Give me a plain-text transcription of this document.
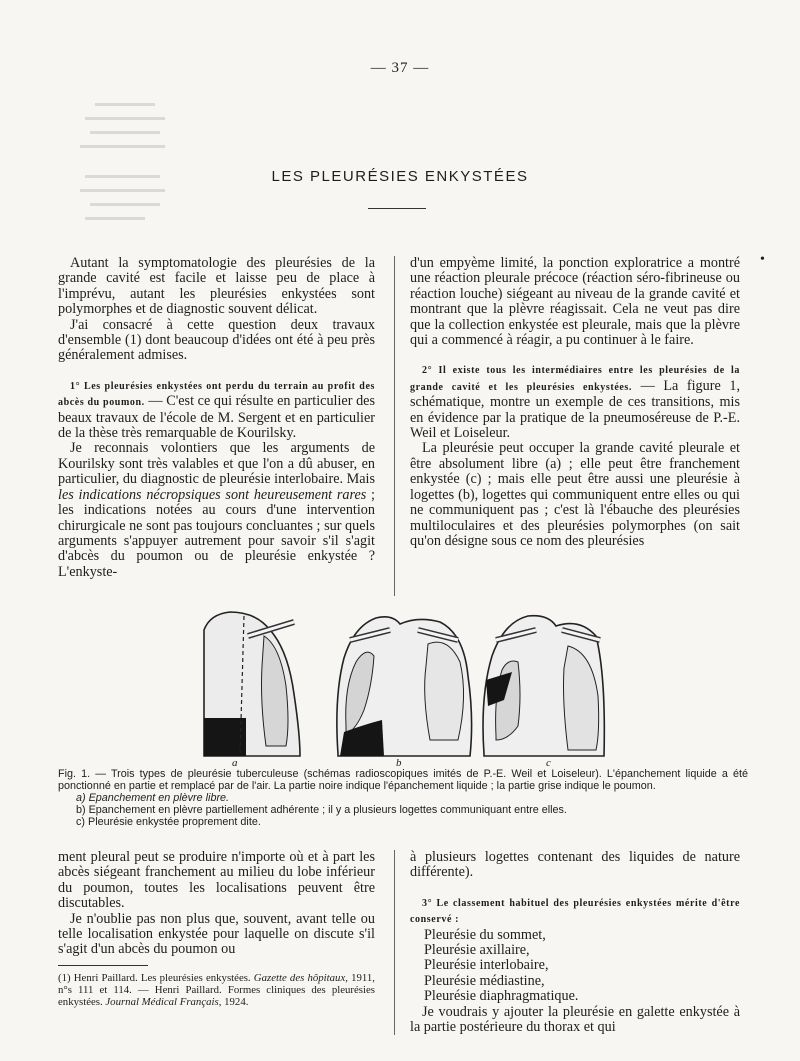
— 37 —
LES PLEURÉSIES ENKYSTÉES
•

Autant la symptomatologie des pleurésies de la grande cavité est facile et laisse peu de place à l'imprévu, autant les pleurésies enkystées sont polymorphes et de diagnostic souvent délicat.

J'ai consacré à cette question deux travaux d'ensemble (1) dont beaucoup d'idées ont été à peu près généralement admises.

1° Les pleurésies enkystées ont perdu du terrain au profit des abcès du poumon. — C'est ce qui résulte en particulier des beaux travaux de l'école de M. Sergent et en particulier de la thèse très remarquable de Kourilsky.

Je reconnais volontiers que les arguments de Kourilsky sont très valables et que l'on a dû abuser, en particulier, du diagnostic de pleurésie interlobaire. Mais les indications nécropsiques sont heureusement rares ; les indications notées au cours d'une intervention chirurgicale ne sont pas toujours concluantes ; sur quels arguments s'appuyer autrement pour savoir s'il s'agit d'abcès du poumon ou de pleurésie enkystée ? L'enkyste-

d'un empyème limité, la ponction exploratrice a montré une réaction pleurale précoce (réaction séro-fibrineuse ou réaction louche) siégeant au niveau de la grande cavité et montrant que la plèvre réagissait. Cela ne veut pas dire que la collection enkystée est pleurale, mais que la plèvre qui a commencé à réagir, a pu continuer à le faire.

2° Il existe tous les intermédiaires entre les pleurésies de la grande cavité et les pleurésies enkystées. — La figure 1, schématique, montre un exemple de ces transitions, mis en évidence par la pratique de la pneumoséreuse de P.-E. Weil et Loiseleur.

La pleurésie peut occuper la grande cavité pleurale et être absolument libre (a) ; elle peut être franchement enkystée (c) ; mais elle peut être aussi une pleurésie à logettes (b), logettes qui communiquent entre elles ou qui ne communiquent pas ; c'est là l'ébauche des pleurésies multiloculaires et des pleurésies polymorphes (on sait qu'on désigne sous ce nom des pleurésies

a	b	c
Fig. 1. — Trois types de pleurésie tuberculeuse (schémas radioscopiques imités de P.-E. Weil et Loiseleur). L'épanchement liquide a été ponctionné en partie et remplacé par de l'air. La partie noire indique l'épanchement liquide ; la partie grise indique le poumon.
a) Epanchement en plèvre libre.
b) Epanchement en plèvre partiellement adhérente ; il y a plusieurs logettes communiquant entre elles.
c) Pleurésie enkystée proprement dite.

ment pleural peut se produire n'importe où et à part les abcès siégeant franchement au milieu du lobe inférieur du poumon, toutes les localisations peuvent être discutables.

Je n'oublie pas non plus que, souvent, avant telle ou telle localisation enkystée pour laquelle on discute s'il s'agit d'un abcès du poumon ou

à plusieurs logettes contenant des liquides de nature différente).

3° Le classement habituel des pleurésies enkystées mérite d'être conservé :

Pleurésie du sommet,

Pleurésie axillaire,

Pleurésie interlobaire,

Pleurésie médiastine,

Pleurésie diaphragmatique.

Je voudrais y ajouter la pleurésie en galette enkystée à la partie postérieure du thorax et qui

(1) Henri Paillard. Les pleurésies enkystées. Gazette des hôpitaux, 1911, n°s 111 et 114. — Henri Paillard. Formes cliniques des pleurésies enkystées. Journal Médical Français, 1924.
